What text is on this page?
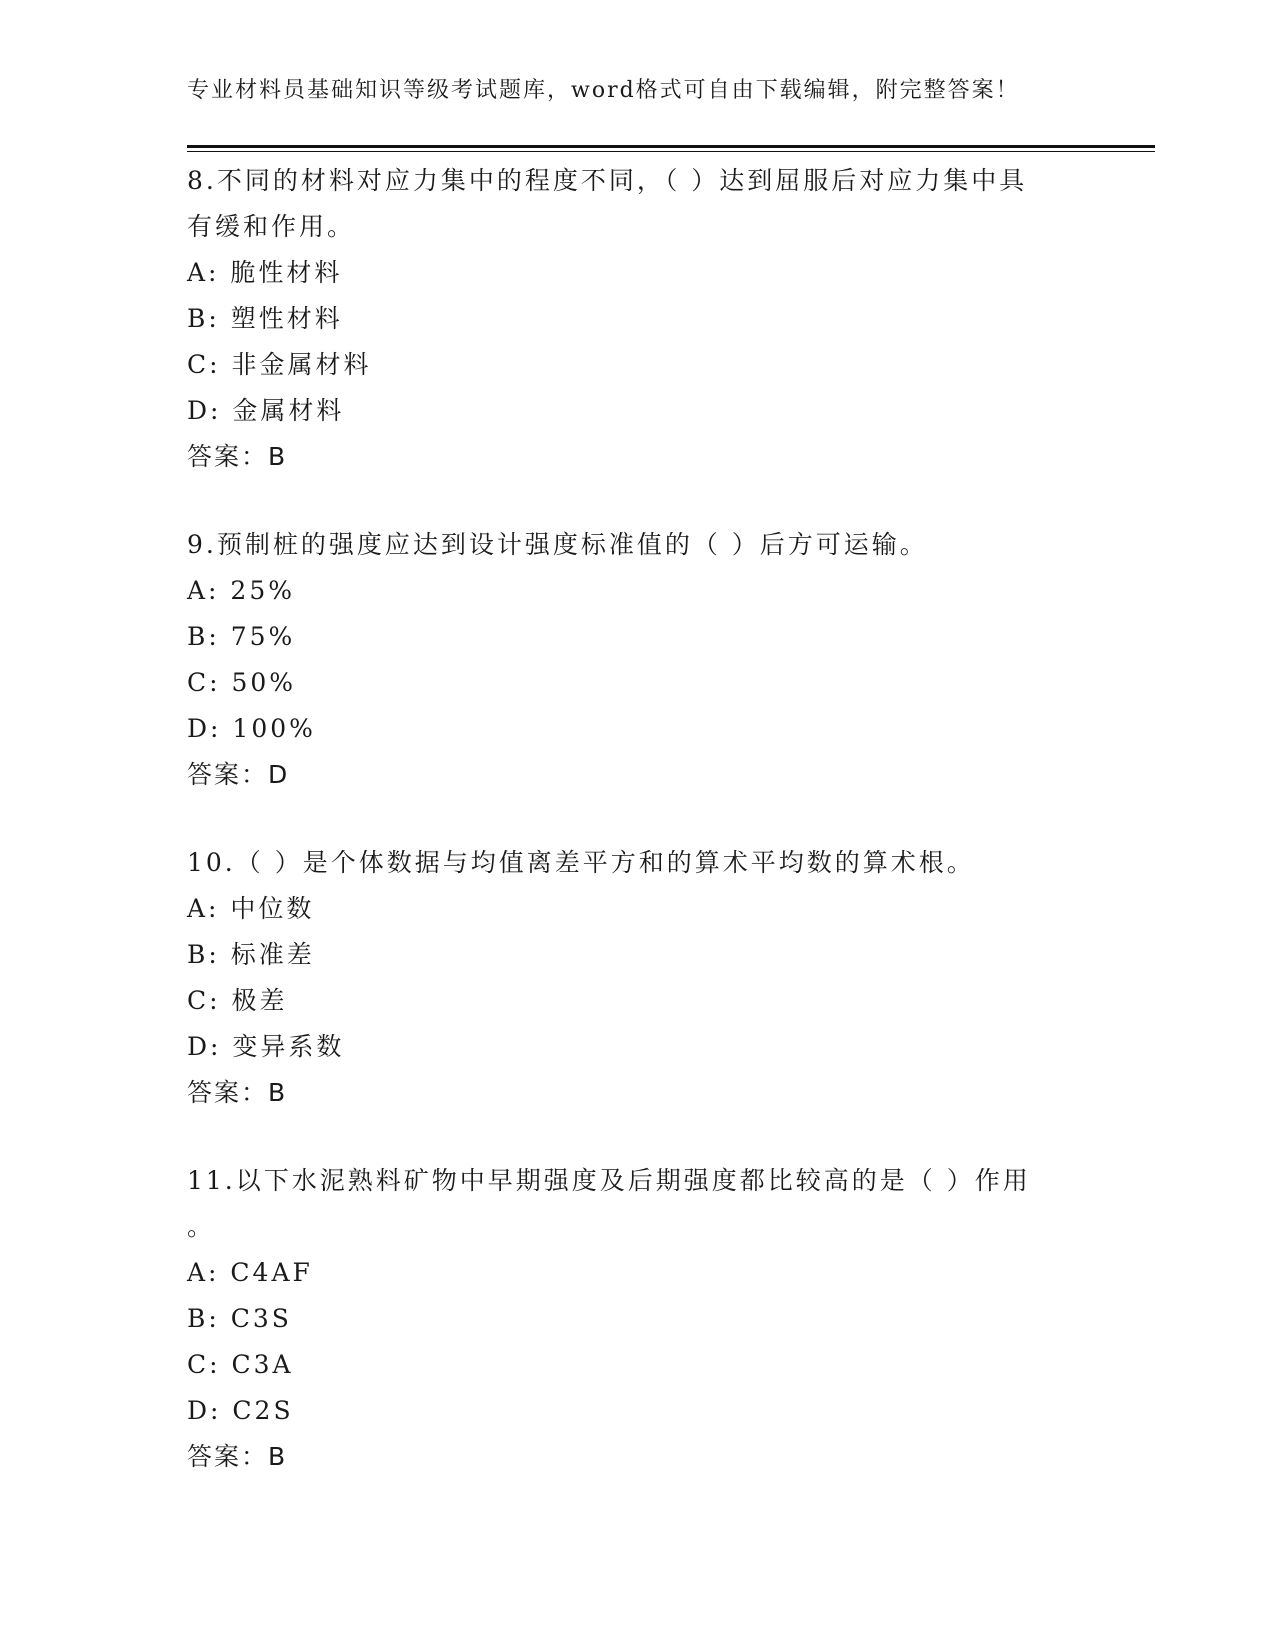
专业材料员基础知识等级考试题库，word格式可自由下载编辑，附完整答案！

8.不同的材料对应力集中的程度不同，（ ）达到屈服后对应力集中具
有缓和作用。

A: 脆性材料

B: 塑性材料

C: 非金属材料

D: 金属材料

答案：B

9.预制桩的强度应达到设计强度标准值的（ ）后方可运输。

A: 25%

B: 75%

C: 50%

D: 100%

答案：D

10.（ ）是个体数据与均值离差平方和的算术平均数的算术根。

A: 中位数

B: 标准差

C: 极差

D: 变异系数

答案：B

11.以下水泥熟料矿物中早期强度及后期强度都比较高的是（ ）作用
。

A: C4AF

B: C3S

C: C3A

D: C2S

答案：B
